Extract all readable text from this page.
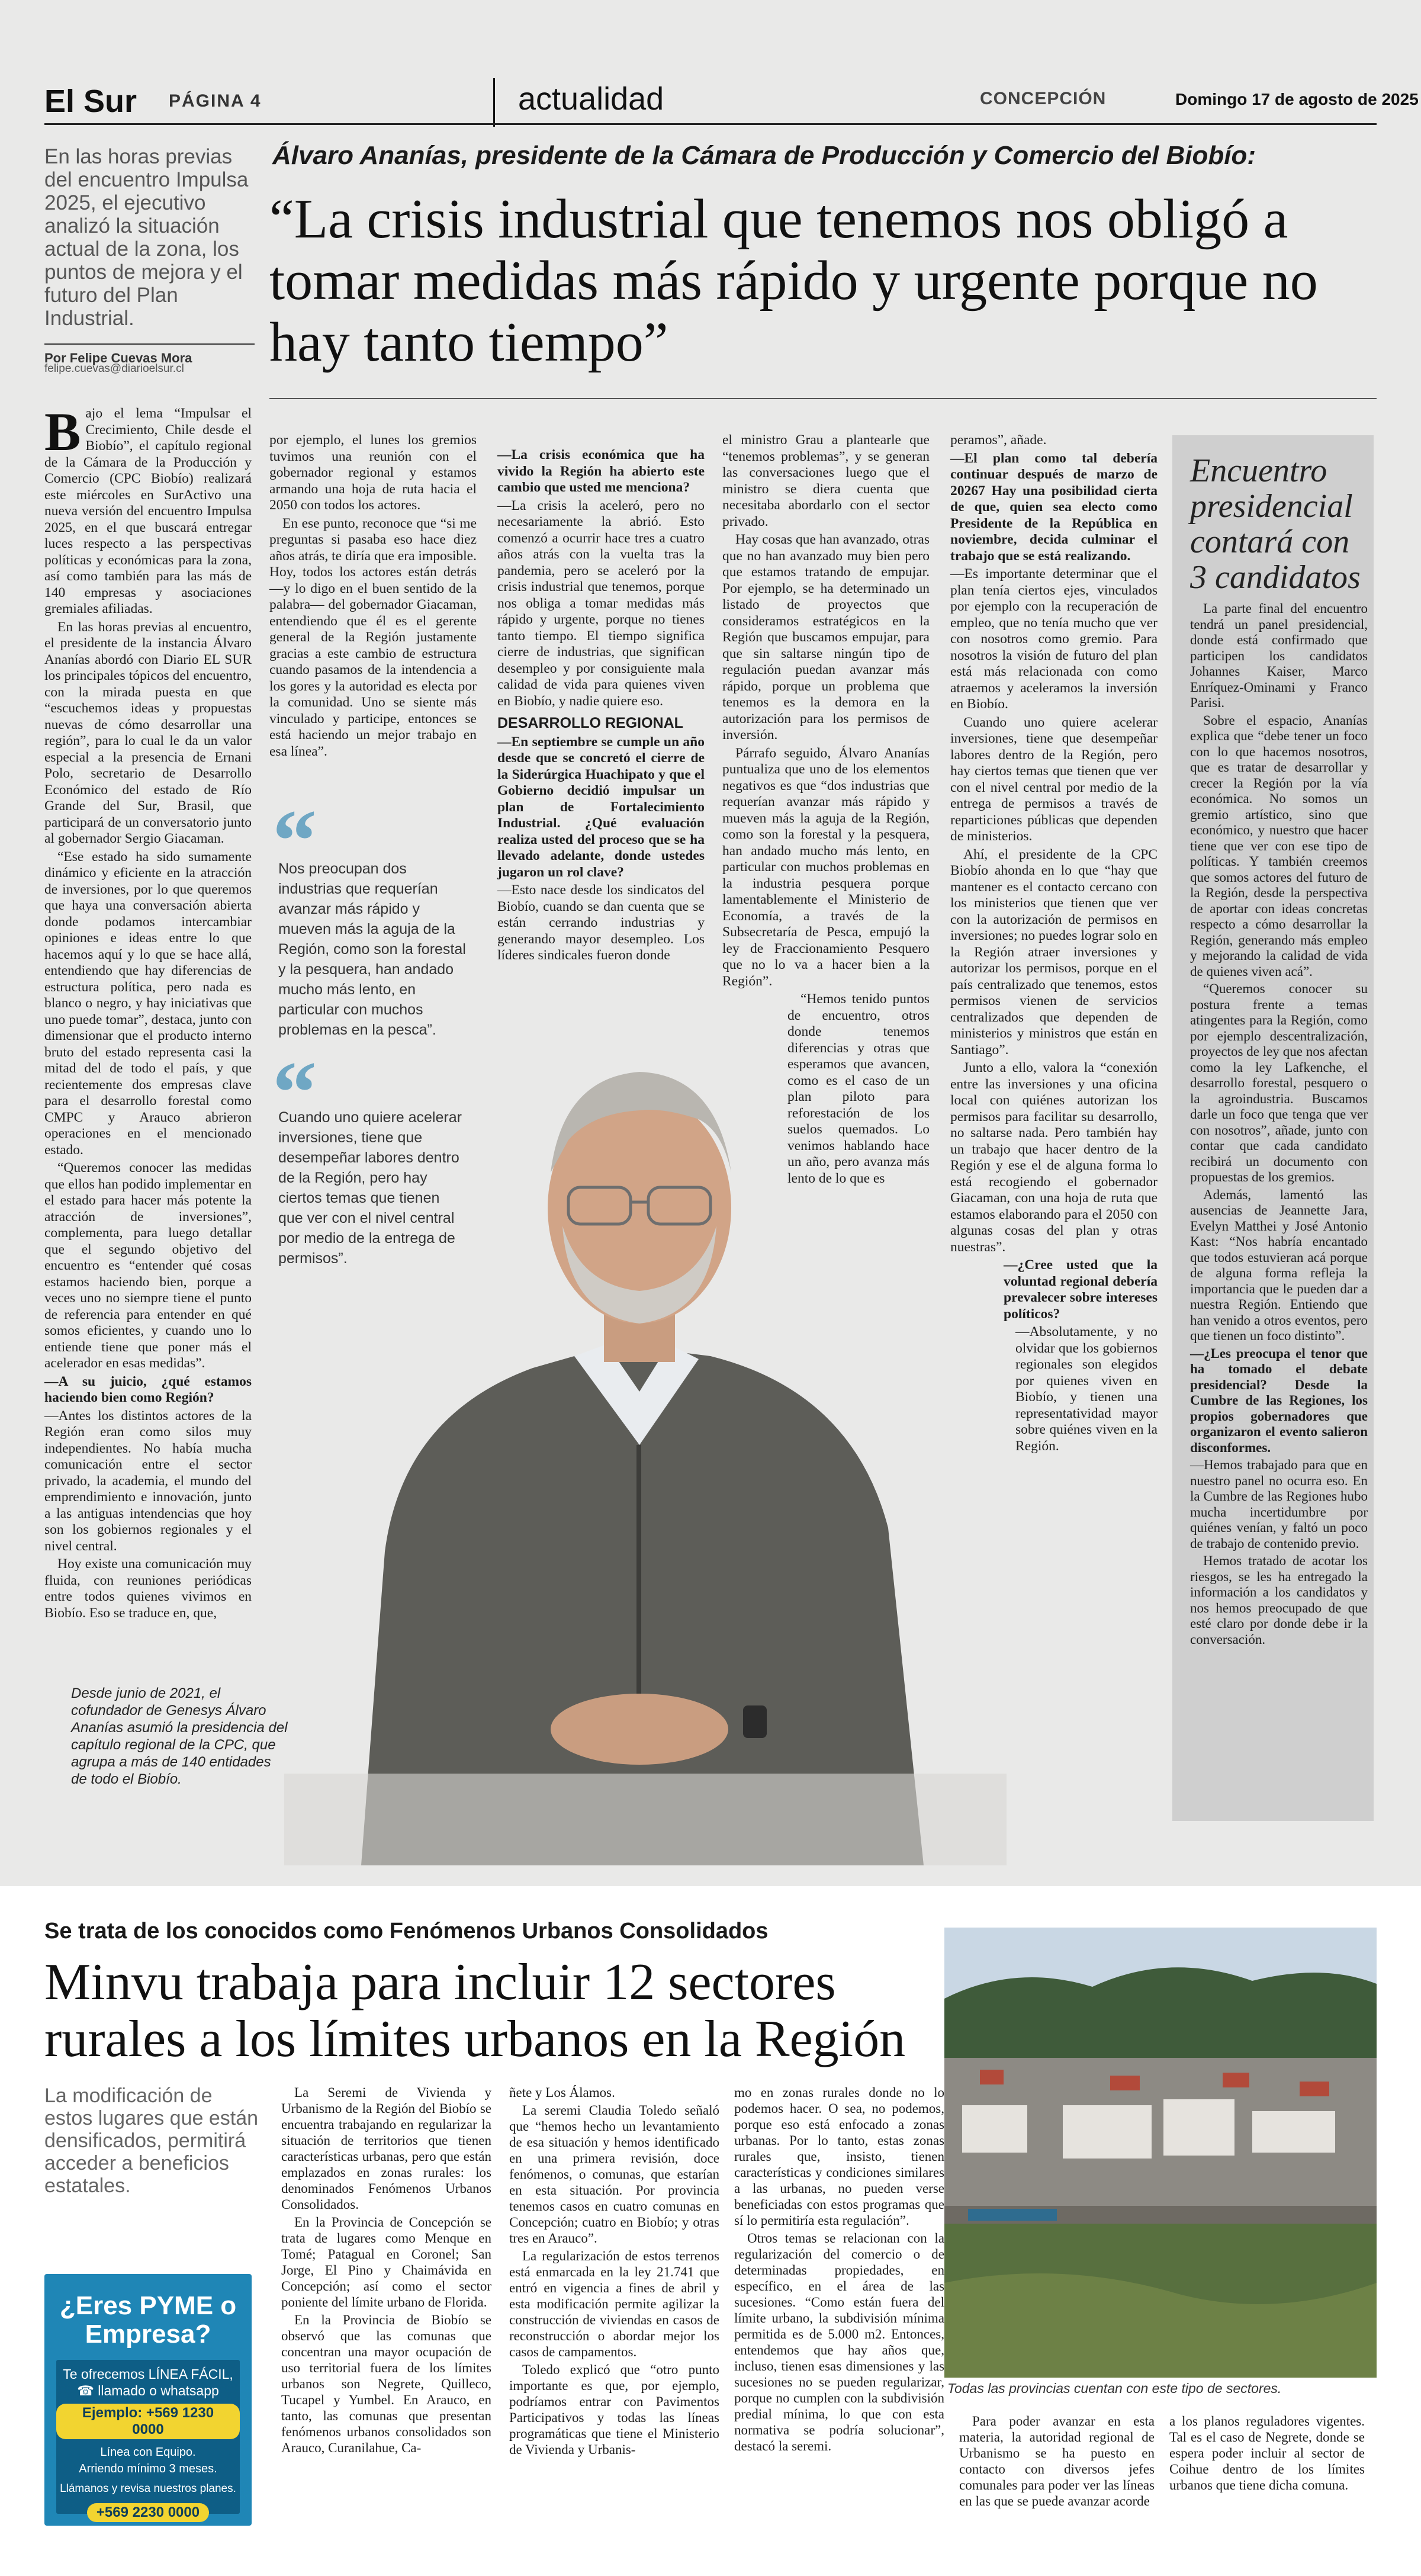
El Sur PÁGINA 4	actualidad	CONCEPCIÓN	Domingo 17 de agosto de 2025
En las horas previas del encuentro Impulsa 2025, el ejecutivo analizó la situación actual de la zona, los puntos de mejora y el futuro del Plan Industrial.
Por Felipe Cuevas Mora
felipe.cuevas@diarioelsur.cl
Álvaro Ananías, presidente de la Cámara de Producción y Comercio del Biobío:
“La crisis industrial que tenemos nos obligó a tomar medidas más rápido y urgente porque no hay tanto tiempo”

Bajo el lema “Impulsar el Crecimiento, Chile desde el Biobío”, el capítulo regional de la Cámara de la Producción y Comercio (CPC Biobío) realizará este miércoles en SurActivo una nueva versión del encuentro Impulsa 2025, en el que buscará entregar luces respecto a las perspectivas políticas y económicas para la zona, así como también para las más de 140 empresas y asociaciones gremiales afiliadas.

En las horas previas al encuentro, el presidente de la instancia Álvaro Ananías abordó con Diario EL SUR los principales tópicos del encuentro, con la mirada puesta en que “escuchemos ideas y propuestas nuevas de cómo desarrollar una región”, para lo cual le da un valor especial a la presencia de Ernani Polo, secretario de Desarrollo Económico del estado de Río Grande del Sur, Brasil, que participará de un conversatorio junto al gobernador Sergio Giacaman.

“Ese estado ha sido sumamente dinámico y eficiente en la atracción de inversiones, por lo que queremos que haya una conversación abierta donde podamos intercambiar opiniones e ideas entre lo que hacemos aquí y lo que se hace allá, entendiendo que hay diferencias de estructura política, pero nada es blanco o negro, y hay iniciativas que uno puede tomar”, destaca, junto con dimensionar que el producto interno bruto del estado representa casi la mitad del de todo el país, y que recientemente dos empresas clave para el desarrollo forestal como CMPC y Arauco abrieron operaciones en el mencionado estado.

“Queremos conocer las medidas que ellos han podido implementar en el estado para hacer más potente la atracción de inversiones”, complementa, para luego detallar que el segundo objetivo del encuentro es “entender qué cosas estamos haciendo bien, porque a veces uno no siempre tiene el punto de referencia para entender en qué somos eficientes, y cuando uno lo entiende tiene que poner más el acelerador en esas medidas”.

—A su juicio, ¿qué estamos haciendo bien como Región?

—Antes los distintos actores de la Región eran como silos muy independientes. No había mucha comunicación entre el sector privado, la academia, el mundo del emprendimiento e innovación, junto a las antiguas intendencias que hoy son los gobiernos regionales y el nivel central.

Hoy existe una comunicación muy fluida, con reuniones periódicas entre todos quienes vivimos en Biobío. Eso se traduce en, que,

por ejemplo, el lunes los gremios tuvimos una reunión con el gobernador regional y estamos armando una hoja de ruta hacia el 2050 con todos los actores.

En ese punto, reconoce que “si me preguntas si pasaba eso hace diez años atrás, te diría que era imposible. Hoy, todos los actores están detrás —y lo digo en el buen sentido de la palabra— del gobernador Giacaman, entendiendo que él es el gerente general de la Región justamente gracias a este cambio de estructura cuando pasamos de la intendencia a los gores y la autoridad es electa por la comunidad. Uno se siente más vinculado y participe, entonces se está haciendo un mejor trabajo en esa línea”.

“
Nos preocupan dos industrias que requerían avanzar más rápido y mueven más la aguja de la Región, como son la forestal y la pesquera, han andado mucho más lento, en particular con muchos problemas en la pesca”.
“
Cuando uno quiere acelerar inversiones, tiene que desempeñar labores dentro de la Región, pero hay ciertos temas que tienen que ver con el nivel central por medio de la entrega de permisos”.

—La crisis económica que ha vivido la Región ha abierto este cambio que usted me menciona?

—La crisis la aceleró, pero no necesariamente la abrió. Esto comenzó a ocurrir hace tres a cuatro años atrás con la vuelta tras la pandemia, pero se aceleró por la crisis industrial que tenemos, porque nos obliga a tomar medidas más rápido y urgente, porque no tienes tanto tiempo. El tiempo significa cierre de industrias, que significan desempleo y por consiguiente mala calidad de vida para quienes viven en Biobío, y nadie quiere eso.

DESARROLLO REGIONAL

—En septiembre se cumple un año desde que se concretó el cierre de la Siderúrgica Huachipato y que el Gobierno decidió impulsar un plan de Fortalecimiento Industrial. ¿Qué evaluación realiza usted del proceso que se ha llevado adelante, donde ustedes jugaron un rol clave?

—Esto nace desde los sindicatos del Biobío, cuando se dan cuenta que se están cerrando industrias y generando mayor desempleo. Los líderes sindicales fueron donde

el ministro Grau a plantearle que “tenemos problemas”, y se generan las conversaciones luego que el ministro se diera cuenta que necesitaba abordarlo con el sector privado.

Hay cosas que han avanzado, otras que no han avanzado muy bien pero que estamos tratando de empujar. Por ejemplo, se ha determinado un listado de proyectos que consideramos estratégicos en la Región que buscamos empujar, para que sin saltarse ningún tipo de regulación puedan avanzar más rápido, porque un problema que tenemos es la demora en la autorización para los permisos de inversión.

Párrafo seguido, Álvaro Ananías puntualiza que uno de los elementos negativos es que “dos industrias que requerían avanzar más rápido y mueven más la aguja de la Región, como son la forestal y la pesquera, han andado mucho más lento, en particular con muchos problemas en la industria pesquera porque lamentablemente el Ministerio de Economía, a través de la Subsecretaría de Pesca, empujó la ley de Fraccionamiento Pesquero que no lo va a hacer bien a la Región”.

“Hemos tenido puntos de encuentro, otros donde tenemos diferencias y otras que esperamos que avancen, como es el caso de un plan piloto para reforestación de los suelos quemados. Lo venimos hablando hace un año, pero avanza más lento de lo que es

peramos”, añade.

—El plan como tal debería continuar después de marzo de 20267 Hay una posibilidad cierta de que, quien sea electo como Presidente de la República en noviembre, decida culminar el trabajo que se está realizando.

—Es importante determinar que el plan tenía ciertos ejes, vinculados por ejemplo con la recuperación de empleo, que no tenía mucho que ver con nosotros como gremio. Para nosotros la visión de futuro del plan está más relacionada con como atraemos y aceleramos la inversión en Biobío.

Cuando uno quiere acelerar inversiones, tiene que desempeñar labores dentro de la Región, pero hay ciertos temas que tienen que ver con el nivel central por medio de la entrega de permisos a través de reparticiones públicas que dependen de ministerios.

Ahí, el presidente de la CPC Biobío ahonda en lo que “hay que mantener es el contacto cercano con los ministerios que tienen que ver con la autorización de permisos en inversiones; no puedes lograr solo en la Región atraer inversiones y autorizar los permisos, porque en el país centralizado que tenemos, estos permisos vienen de servicios centralizados que dependen de ministerios y ministros que están en Santiago”.

Junto a ello, valora la “conexión entre las inversiones y una oficina local con quiénes autorizan los permisos para facilitar su desarrollo, no saltarse nada. Pero también hay un trabajo que hacer dentro de la Región y ese el de alguna forma lo está recogiendo el gobernador Giacaman, con una hoja de ruta que estamos elaborando para el 2050 con algunas cosas del plan y otras nuestras”.

—¿Cree usted que la voluntad regional debería prevalecer sobre intereses políticos?

—Absolutamente, y no olvidar que los gobiernos regionales son elegidos por quienes viven en Biobío, y tienen una representatividad mayor sobre quiénes viven en la Región.

Desde junio de 2021, el cofundador de Genesys Álvaro Ananías asumió la presidencia del capítulo regional de la CPC, que agrupa a más de 140 entidades de todo el Biobío.
Encuentro presidencial contará con 3 candidatos

La parte final del encuentro tendrá un panel presidencial, donde está confirmado que participen los candidatos Johannes Kaiser, Marco Enríquez-Ominami y Franco Parisi.

Sobre el espacio, Ananías explica que “debe tener un foco con lo que hacemos nosotros, que es tratar de desarrollar y crecer la Región por la vía económica. No somos un gremio artístico, sino que económico, y nuestro que hacer tiene que ver con ese tipo de políticas. Y también creemos que somos actores del futuro de la Región, desde la perspectiva de aportar con ideas concretas respecto a cómo desarrollar la Región, generando más empleo y mejorando la calidad de vida de quienes viven acá”.

“Queremos conocer su postura frente a temas atingentes para la Región, como por ejemplo descentralización, proyectos de ley que nos afectan como la ley Lafkenche, el desarrollo forestal, pesquero o la agroindustria. Buscamos darle un foco que tenga que ver con nosotros”, añade, junto con contar que cada candidato recibirá un documento con propuestas de los gremios.

Además, lamentó las ausencias de Jeannette Jara, Evelyn Matthei y José Antonio Kast: “Nos habría encantado que todos estuvieran acá porque de alguna forma refleja la importancia que le pueden dar a nuestra Región. Entiendo que han venido a otros eventos, pero que tienen un foco distinto”.

—¿Les preocupa el tenor que ha tomado el debate presidencial? Desde la Cumbre de las Regiones, los propios gobernadores que organizaron el evento salieron disconformes.

—Hemos trabajado para que en nuestro panel no ocurra eso. En la Cumbre de las Regiones hubo mucha incertidumbre por quiénes venían, y faltó un poco de trabajo de contenido previo.

Hemos tratado de acotar los riesgos, se les ha entregado la información a los candidatos y nos hemos preocupado de que esté claro por donde debe ir la conversación.

Se trata de los conocidos como Fenómenos Urbanos Consolidados
Minvu trabaja para incluir 12 sectores rurales a los límites urbanos en la Región
La modificación de estos lugares que están densificados, permitirá acceder a beneficios estatales.

La Seremi de Vivienda y Urbanismo de la Región del Biobío se encuentra trabajando en regularizar la situación de territorios que tienen características urbanas, pero que están emplazados en zonas rurales: los denominados Fenómenos Urbanos Consolidados.

En la Provincia de Concepción se trata de lugares como Menque en Tomé; Patagual en Coronel; San Jorge, El Pino y Chaimávida en Concepción; así como el sector poniente del límite urbano de Florida.

En la Provincia de Biobío se observó que las comunas que concentran una mayor ocupación de uso territorial fuera de los límites urbanos son Negrete, Quilleco, Tucapel y Yumbel. En Arauco, en tanto, las comunas que presentan fenómenos urbanos consolidados son Arauco, Curanilahue, Ca-

ñete y Los Álamos.

La seremi Claudia Toledo señaló que “hemos hecho un levantamiento de esa situación y hemos identificado en una primera revisión, doce fenómenos, o comunas, que estarían en esta situación. Por provincia tenemos casos en cuatro comunas en Concepción; cuatro en Biobío; y otras tres en Arauco”.

La regularización de estos terrenos está enmarcada en la ley 21.741 que entró en vigencia a fines de abril y esta modificación permite agilizar la construcción de viviendas en casos de reconstrucción o abordar mejor los casos de campamentos.

Toledo explicó que “otro punto importante es que, por ejemplo, podríamos entrar con Pavimentos Participativos y todas las líneas programáticas que tiene el Ministerio de Vivienda y Urbanis-

mo en zonas rurales donde no lo podemos hacer. O sea, no podemos, porque eso está enfocado a zonas urbanas. Por lo tanto, estas zonas rurales que, insisto, tienen características y condiciones similares a las urbanas, no pueden verse beneficiadas con estos programas que sí lo permitiría esta regulación”.

Otros temas se relacionan con la regularización del comercio o de determinadas propiedades, en específico, en el área de las sucesiones. “Como están fuera del límite urbano, la subdivisión mínima permitida es de 5.000 m2. Entonces, entendemos que hay años que, incluso, tienen esas dimensiones y las sucesiones no se pueden regularizar, porque no cumplen con la subdivisión predial mínima, lo que con esta normativa se podría solucionar”, destacó la seremi.

Para poder avanzar en esta materia, la autoridad regional de Urbanismo se ha puesto en contacto con diversos jefes comunales para poder ver las líneas en las que se puede avanzar acorde

a los planos reguladores vigentes. Tal es el caso de Negrete, donde se espera poder incluir al sector de Coihue dentro de los límites urbanos que tiene dicha comuna.

Todas las provincias cuentan con este tipo de sectores.
¿Eres PYME o Empresa?
Te ofrecemos LÍNEA FÁCIL,
☎ llamado o whatsapp
Ejemplo: +569 1230 0000
Línea con Equipo.
Arriendo mínimo 3 meses.
Llámanos y revisa nuestros planes.
+569 2230 0000
